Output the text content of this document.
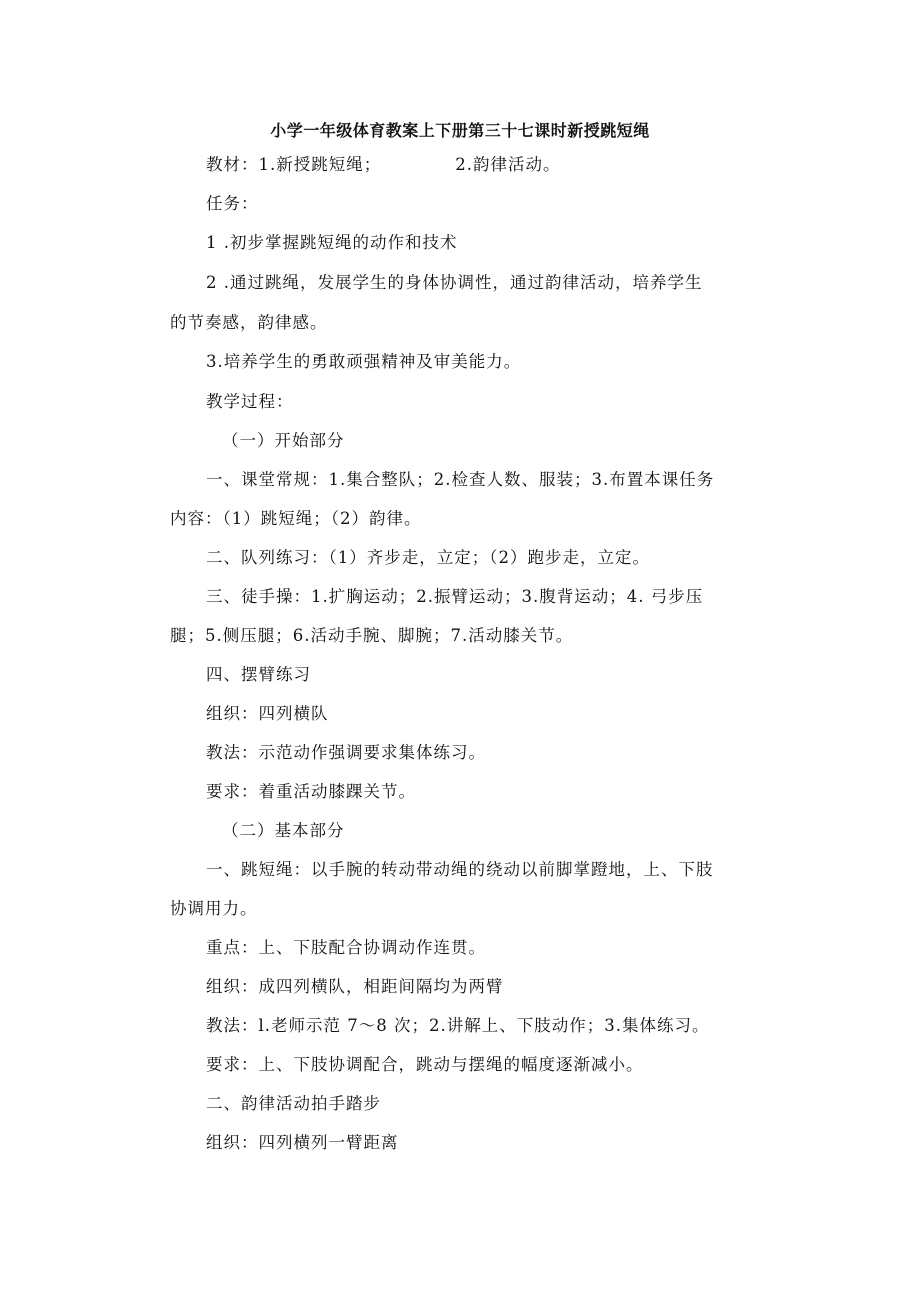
小学一年级体育教案上下册第三十七课时新授跳短绳
教材：1.新授跳短绳；	2.韵律活动。
任务：
1 .初步掌握跳短绳的动作和技术
2 .通过跳绳，发展学生的身体协调性，通过韵律活动，培养学生
的节奏感，韵律感。
3.培养学生的勇敢顽强精神及审美能力。
教学过程：
（一）开始部分
一、课堂常规：1.集合整队；2.检查人数、服装；3.布置本课任务
内容：（1）跳短绳；（2）韵律。
二、队列练习：（1）齐步走，立定；（2）跑步走，立定。
三、徒手操：1.扩胸运动；2.振臂运动；3.腹背运动；4. 弓步压
腿；5.侧压腿；6.活动手腕、脚腕；7.活动膝关节。
四、摆臂练习
组织：四列横队
教法：示范动作强调要求集体练习。
要求：着重活动膝踝关节。
（二）基本部分
一、跳短绳：以手腕的转动带动绳的绕动以前脚掌蹬地，上、下肢
协调用力。
重点：上、下肢配合协调动作连贯。
组织：成四列横队，相距间隔均为两臂
教法：l.老师示范 7～8 次；2.讲解上、下肢动作；3.集体练习。
要求：上、下肢协调配合，跳动与摆绳的幅度逐渐减小。
二、韵律活动拍手踏步
组织：四列横列一臂距离
